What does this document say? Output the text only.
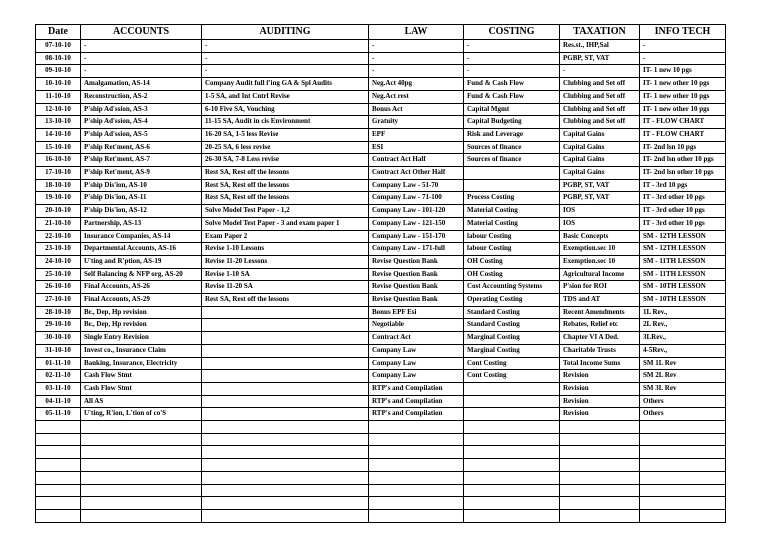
Date	ACCOUNTS	AUDITING	LAW	COSTING	TAXATION	INFO TECH
07-10-10	-	-	-	-	Res.st., IHP,Sal	-
08-10-10	-	-	-	-	PGBP, ST, VAT	-
09-10-10	-	-	-	-	-	IT- 1 new 10 pgs
10-10-10	Amalgamation, AS-14	Company Audit full f'ing GA & Spl Audits	Neg.Act 40pg	Fund & Cash Flow	Clubbing and Set off	IT- 1 new other 10 pgs
11-10-10	Reconstruction, AS-2	1-5 SA, and Int Cntrl Revise	Neg.Act rest	Fund & Cash Flow	Clubbing and Set off	IT- 1 new other 10 pgs
12-10-10	P'ship Ad'ssion, AS-3	6-10 Five SA, Vouching	Bonus Act	Capital Mgmt	Clubbing and Set off	IT- 1 new other 10 pgs
13-10-10	P'ship Ad'ssion, AS-4	11-15 SA, Audit in cis Environment	Gratuity	Capital Budgeting	Clubbing and Set off	IT - FLOW CHART
14-10-10	P'ship Ad'ssion, AS-5	16-20 SA, 1-5 less Revise	EPF	Risk and Leverage	Capital Gains	IT - FLOW CHART
15-10-10	P'ship Ret'ment, AS-6	20-25 SA, 6 less revise	ESI	Sources of finance	Capital Gains	IT- 2nd lsn 10 pgs
16-10-10	P'ship Ret'ment, AS-7	26-30 SA, 7-8 Less revise	Contract Act Half	Sources of finance	Capital Gains	IT- 2nd lsn other 10 pgs
17-10-10	P'ship Ret'ment, AS-9	Rest SA, Rest off the lessons	Contract Act Other Half		Capital Gains	IT- 2nd lsn other 10 pgs
18-10-10	P'ship Dis'ion, AS-10	Rest SA, Rest off the lessons	Company Law - 51-70		PGBP, ST, VAT	IT - 3rd 10 pgs
19-10-10	P'ship Dis'ion, AS-11	Rest SA, Rest off the lessons	Company Law - 71-100	Process Costing	PGBP, ST, VAT	IT - 3rd other 10 pgs
20-10-10	P'ship Dis'ion, AS-12	Solve Model Test Paper - 1,2	Company Law - 101-120	Material Costing	IOS	IT - 3rd other 10 pgs
21-10-10	Partnership, AS-13	Solve Model Test Paper - 3 and exam paper 1	Company Law - 121-150	Material Costing	IOS	IT - 3rd other 10 pgs
22-10-10	Insurance Companies, AS-14	Exam Paper 2	Company Law - 151-170	labour Costing	Basic Concepts	SM - 12TH LESSON
23-10-10	Departmental Accounts, AS-16	Revise 1-10 Lessons	Company Law - 171-full	labour Costing	Exemption.sec 10	SM - 12TH LESSON
24-10-10	U'ting and R'ption, AS-19	Revise 11-20 Lessons	Revise Question Bank	OH Costing	Exemption.sec 10	SM - 11TH LESSON
25-10-10	Self Balancing & NFP org, AS-20	Revise 1-10 SA	Revise Question Bank	OH Costing	Agricultural Income	SM - 11TH LESSON
26-10-10	Final Accounts, AS-26	Revise 11-20 SA	Revise Question Bank	Cost Accounting Systems	P'sion for ROI	SM - 10TH LESSON
27-10-10	Final Accounts, AS-29	Rest SA, Rest off the lessons	Revise Question Bank	Operating Costing	TDS and AT	SM - 10TH LESSON
28-10-10	Br., Dep, Hp revision		Bonus EPF Esi	Standard Costing	Recent Amendments	1L Rev.,
29-10-10	Br., Dep, Hp revision		Negotiable	Standard Costing	Rebates, Relief etc	2L Rev.,
30-10-10	Single Entry Revision		Contract Act	Marginal Costing	Chapter VI A Ded.	3LRev.,
31-10-10	Invest co., Insurance Claim		Company Law	Marginal Costing	Charitable Trusts	4-5Rev.,
01-11-10	Banking, Insurance, Electricity		Company Law	Cont Costing	Total Income Sums	SM 1L Rev
02-11-10	Cash Flow Stmt		Company Law	Cont Costing	Revision	SM 2L Rev
03-11-10	Cash Flow Stmt		RTP's and Compilation		Revision	SM 3L Rev
04-11-10	All AS		RTP's and Compilation		Revision	Others
05-11-10	U'ting, R'ion, L'tion of co'S		RTP's and Compilation		Revision	Others
